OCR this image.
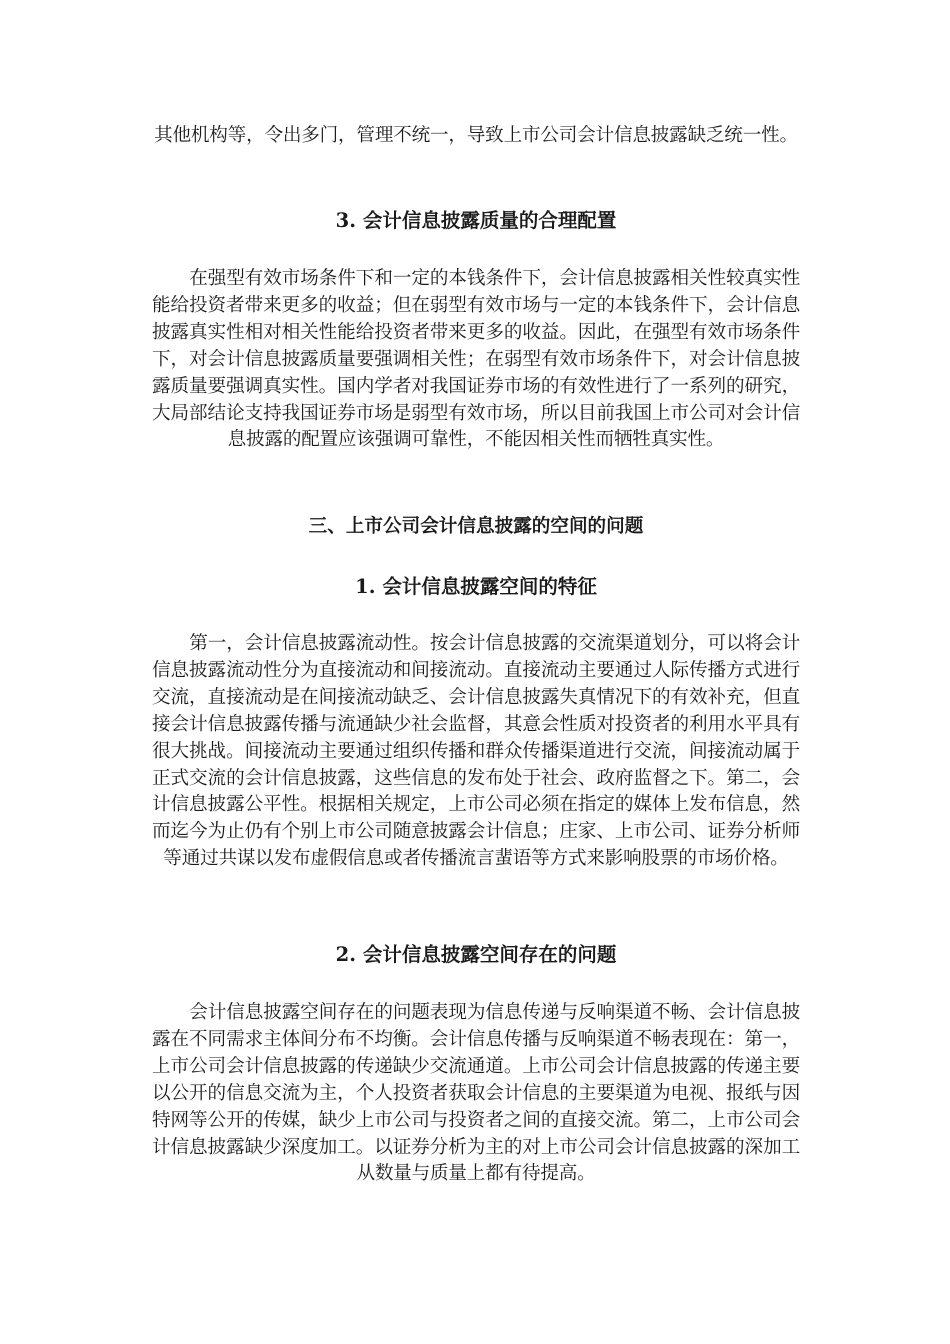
其他机构等，令出多门，管理不统一，导致上市公司会计信息披露缺乏统一性。

3. 会计信息披露质量的合理配置

在强型有效市场条件下和一定的本钱条件下，会计信息披露相关性较真实性能给投资者带来更多的收益；但在弱型有效市场与一定的本钱条件下，会计信息披露真实性相对相关性能给投资者带来更多的收益。因此，在强型有效市场条件下，对会计信息披露质量要强调相关性；在弱型有效市场条件下，对会计信息披露质量要强调真实性。国内学者对我国证券市场的有效性进行了一系列的研究，大局部结论支持我国证券市场是弱型有效市场，所以目前我国上市公司对会计信息披露的配置应该强调可靠性，不能因相关性而牺牲真实性。

三、上市公司会计信息披露的空间的问题
1. 会计信息披露空间的特征

第一，会计信息披露流动性。按会计信息披露的交流渠道划分，可以将会计信息披露流动性分为直接流动和间接流动。直接流动主要通过人际传播方式进行交流，直接流动是在间接流动缺乏、会计信息披露失真情况下的有效补充，但直接会计信息披露传播与流通缺少社会监督，其意会性质对投资者的利用水平具有很大挑战。间接流动主要通过组织传播和群众传播渠道进行交流，间接流动属于正式交流的会计信息披露，这些信息的发布处于社会、政府监督之下。第二，会计信息披露公平性。根据相关规定，上市公司必须在指定的媒体上发布信息，然而迄今为止仍有个别上市公司随意披露会计信息；庄家、上市公司、证券分析师等通过共谋以发布虚假信息或者传播流言蜚语等方式来影响股票的市场价格。

2. 会计信息披露空间存在的问题

会计信息披露空间存在的问题表现为信息传递与反响渠道不畅、会计信息披露在不同需求主体间分布不均衡。会计信息传播与反响渠道不畅表现在：第一，上市公司会计信息披露的传递缺少交流通道。上市公司会计信息披露的传递主要以公开的信息交流为主，个人投资者获取会计信息的主要渠道为电视、报纸与因特网等公开的传媒，缺少上市公司与投资者之间的直接交流。第二，上市公司会计信息披露缺少深度加工。以证券分析为主的对上市公司会计信息披露的深加工从数量与质量上都有待提高。
